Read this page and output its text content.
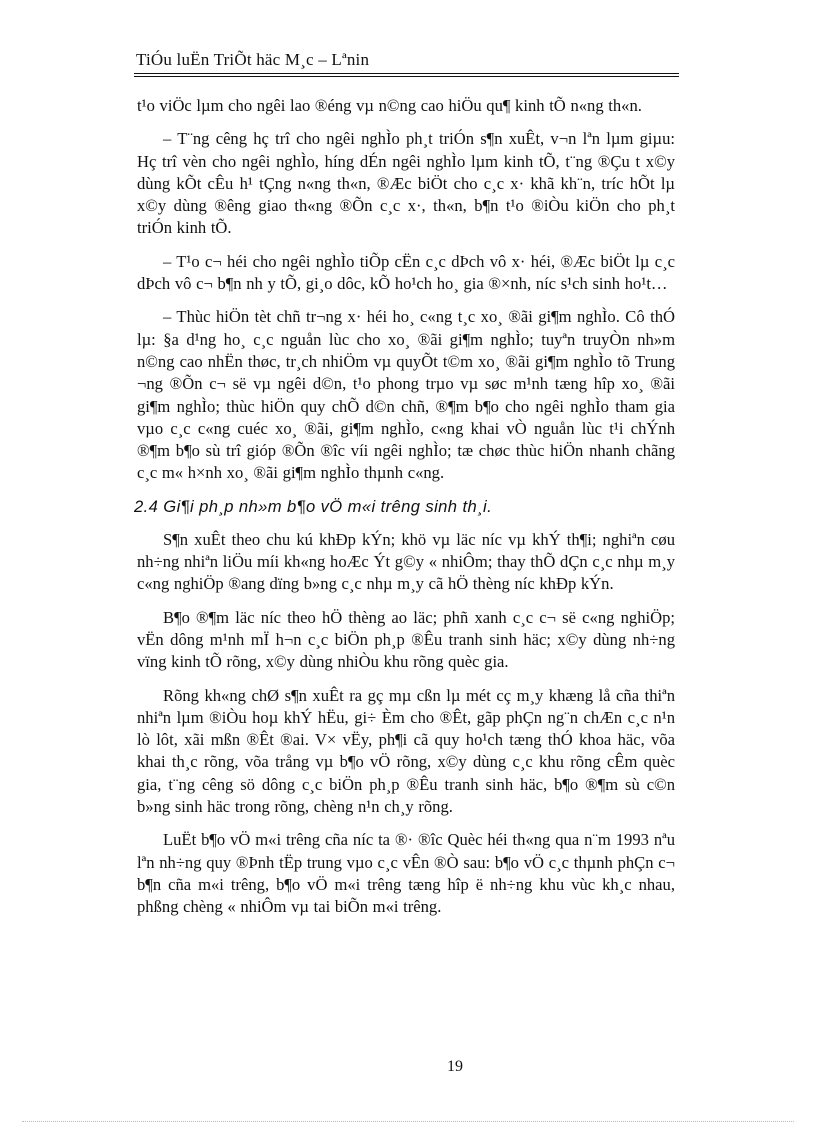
TiÓu luËn TriÕt häc M¸c – Lªnin

t¹o viÖc lµm cho ngêi lao ®éng vµ n©ng cao hiÖu qu¶ kinh tÕ n«ng th«n.

– T¨ng cêng hç trî cho ngêi nghÌo ph¸t triÓn s¶n xuÊt, v¬n lªn lµm giµu: Hç trî vèn cho ngêi nghÌo, híng dÉn ngêi nghÌo lµm kinh tÕ, t¨ng ®Çu t x©y dùng kÕt cÊu h¹ tÇng n«ng th«n, ®Æc biÖt cho c¸c x· khã kh¨n, tríc hÕt lµ x©y dùng ®êng giao th«ng ®Õn c¸c x·, th«n, b¶n t¹o ®iÒu kiÖn cho ph¸t triÓn kinh tÕ.

– T¹o c¬ héi cho ngêi nghÌo tiÕp cËn c¸c dÞch vô x· héi, ®Æc biÖt lµ c¸c dÞch vô c¬ b¶n nh y tÕ, gi¸o dôc, kÕ ho¹ch ho¸ gia ®×nh, níc s¹ch sinh ho¹t…

– Thùc hiÖn tèt chñ tr¬ng x· héi ho¸ c«ng t¸c xo¸ ®ãi gi¶m nghÌo. Cô thÓ lµ: §a d¹ng ho¸ c¸c nguån lùc cho xo¸ ®ãi gi¶m nghÌo; tuyªn truyÒn nh»m n©ng cao nhËn thøc, tr¸ch nhiÖm vµ quyÕt t©m xo¸ ®ãi gi¶m nghÌo tõ Trung ¬ng ®Õn c¬ së vµ ngêi d©n, t¹o phong trµo vµ søc m¹nh tæng hîp xo¸ ®ãi gi¶m nghÌo; thùc hiÖn quy chÕ d©n chñ, ®¶m b¶o cho ngêi nghÌo tham gia vµo c¸c c«ng cuéc xo¸ ®ãi, gi¶m nghÌo, c«ng khai vÒ nguån lùc t¹i chÝnh ®¶m b¶o sù trî gióp ®Õn ®îc víi ngêi nghÌo; tæ chøc thùc hiÖn nhanh chãng c¸c m« h×nh xo¸ ®ãi gi¶m nghÌo thµnh c«ng.

2.4 Gi¶i ph¸p nh»m b¶o vÖ m«i trêng sinh th¸i.

S¶n xuÊt theo chu kú khÐp kÝn; khö vµ läc níc vµ khÝ th¶i; nghiªn cøu nh÷ng nhiªn liÖu míi kh«ng hoÆc Ýt g©y « nhiÔm; thay thÕ dÇn c¸c nhµ m¸y c«ng nghiÖp ®ang dïng b»ng c¸c nhµ m¸y cã hÖ thèng níc khÐp kÝn.

B¶o ®¶m läc níc theo hÖ thèng ao läc; phñ xanh c¸c c¬ së c«ng nghiÖp; vËn dông m¹nh mÏ h¬n c¸c biÖn ph¸p ®Êu tranh sinh häc; x©y dùng nh÷ng vïng kinh tÕ rõng, x©y dùng nhiÒu khu rõng quèc gia.

Rõng kh«ng chØ s¶n xuÊt ra gç mµ cßn lµ mét cç m¸y khæng lå cña thiªn nhiªn lµm ®iÒu hoµ khÝ hËu, gi÷ Èm cho ®Êt, gãp phÇn ng¨n chÆn c¸c n¹n lò lôt, xãi mßn ®Êt ®ai. V× vËy, ph¶i cã quy ho¹ch tæng thÓ khoa häc, võa khai th¸c rõng, võa trång vµ b¶o vÖ rõng, x©y dùng c¸c khu rõng cÊm quèc gia, t¨ng cêng sö dông c¸c biÖn ph¸p ®Êu tranh sinh häc, b¶o ®¶m sù c©n b»ng sinh häc trong rõng, chèng n¹n ch¸y rõng.

LuËt b¶o vÖ m«i trêng cña níc ta ®· ®îc Quèc héi th«ng qua n¨m 1993 nªu lªn nh÷ng quy ®Þnh tËp trung vµo c¸c vÊn ®Ò sau: b¶o vÖ c¸c thµnh phÇn c¬ b¶n cña m«i trêng, b¶o vÖ m«i trêng tæng hîp ë nh÷ng khu vùc kh¸c nhau, phßng chèng « nhiÔm vµ tai biÕn m«i trêng.

19
